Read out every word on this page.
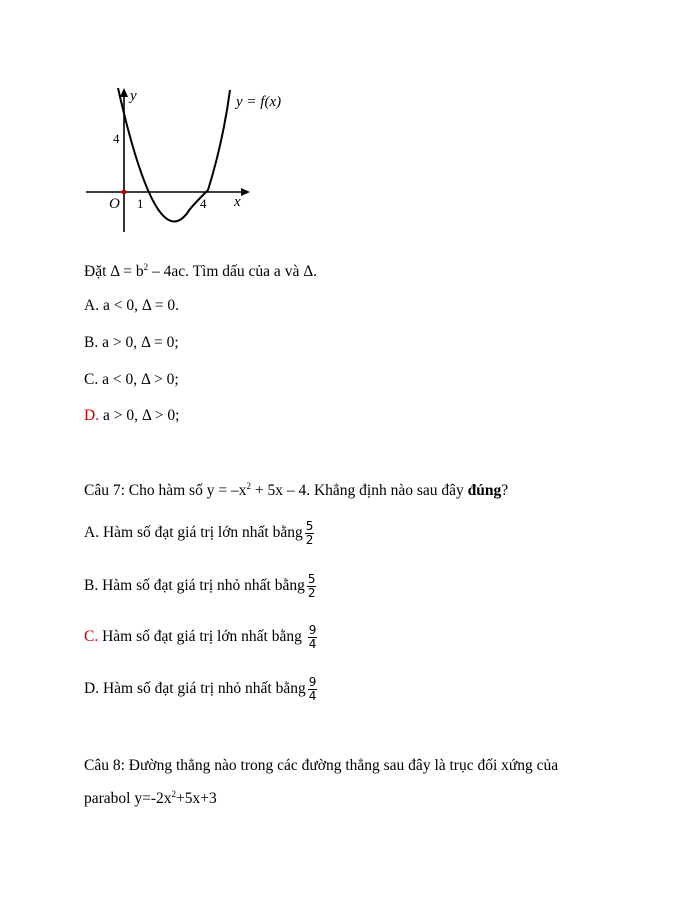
y
x
O
4
1	4
y = f(x)
Đặt $\Delta = b^2 - 4ac$. Tìm dấu của a và Δ.
A. a < 0, Δ = 0.
B. a > 0, Δ = 0;
C. a < 0, Δ > 0;
D. a > 0, Δ > 0;
Câu 7: Cho hàm số $y = -x^2 + 5x - 4$. Khẳng định nào sau đây đúng?
A. Hàm số đạt giá trị lớn nhất bằng $\frac{5}{2}$
B. Hàm số đạt giá trị nhỏ nhất bằng $\frac{5}{2}$
C. Hàm số đạt giá trị lớn nhất bằng $\frac{9}{4}$
D. Hàm số đạt giá trị nhỏ nhất bằng $\frac{9}{4}$
Câu 8: Đường thẳng nào trong các đường thẳng sau đây là trục đối xứng của
parabol $y=-2x^2+5x+3$
